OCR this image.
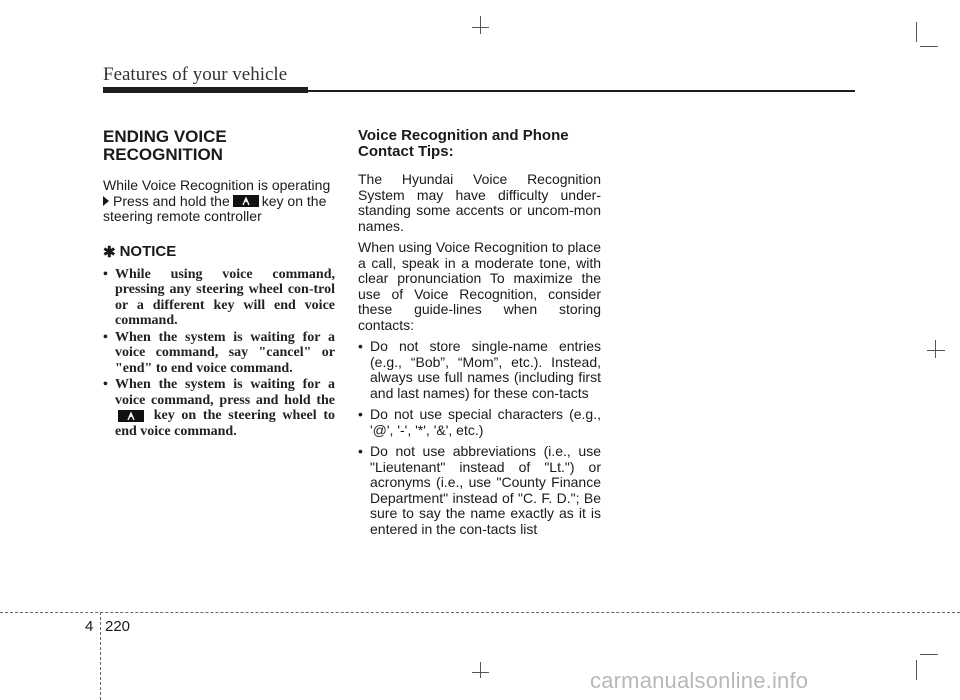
Features of your vehicle
ENDING VOICE RECOGNITION

While Voice Recognition is operating

Press and hold the key on the

steering remote controller

✱ NOTICE
• While using voice command, pressing any steering wheel con-trol or a different key will end voice command.
• When the system is waiting for a voice command, say "cancel" or "end" to end voice command.
• When the system is waiting for a voice command, press and hold the
key on the steering wheel to end voice command.
Voice Recognition and Phone Contact Tips:

The Hyundai Voice Recognition System may have difficulty under-standing some accents or uncom-mon names.

When using Voice Recognition to place a call, speak in a moderate tone, with clear pronunciation To maximize the use of Voice Recognition, consider these guide-lines when storing contacts:

• Do not store single-name entries (e.g., “Bob”, “Mom”, etc.). Instead, always use full names (including first and last names) for these con-tacts
• Do not use special characters (e.g., '@', '-', '*', '&', etc.)
• Do not use abbreviations (i.e., use "Lieutenant" instead of "Lt.") or acronyms (i.e., use "County Finance Department" instead of "C. F. D."; Be sure to say the name exactly as it is entered in the con-tacts list
4 220
carmanualsonline.info
